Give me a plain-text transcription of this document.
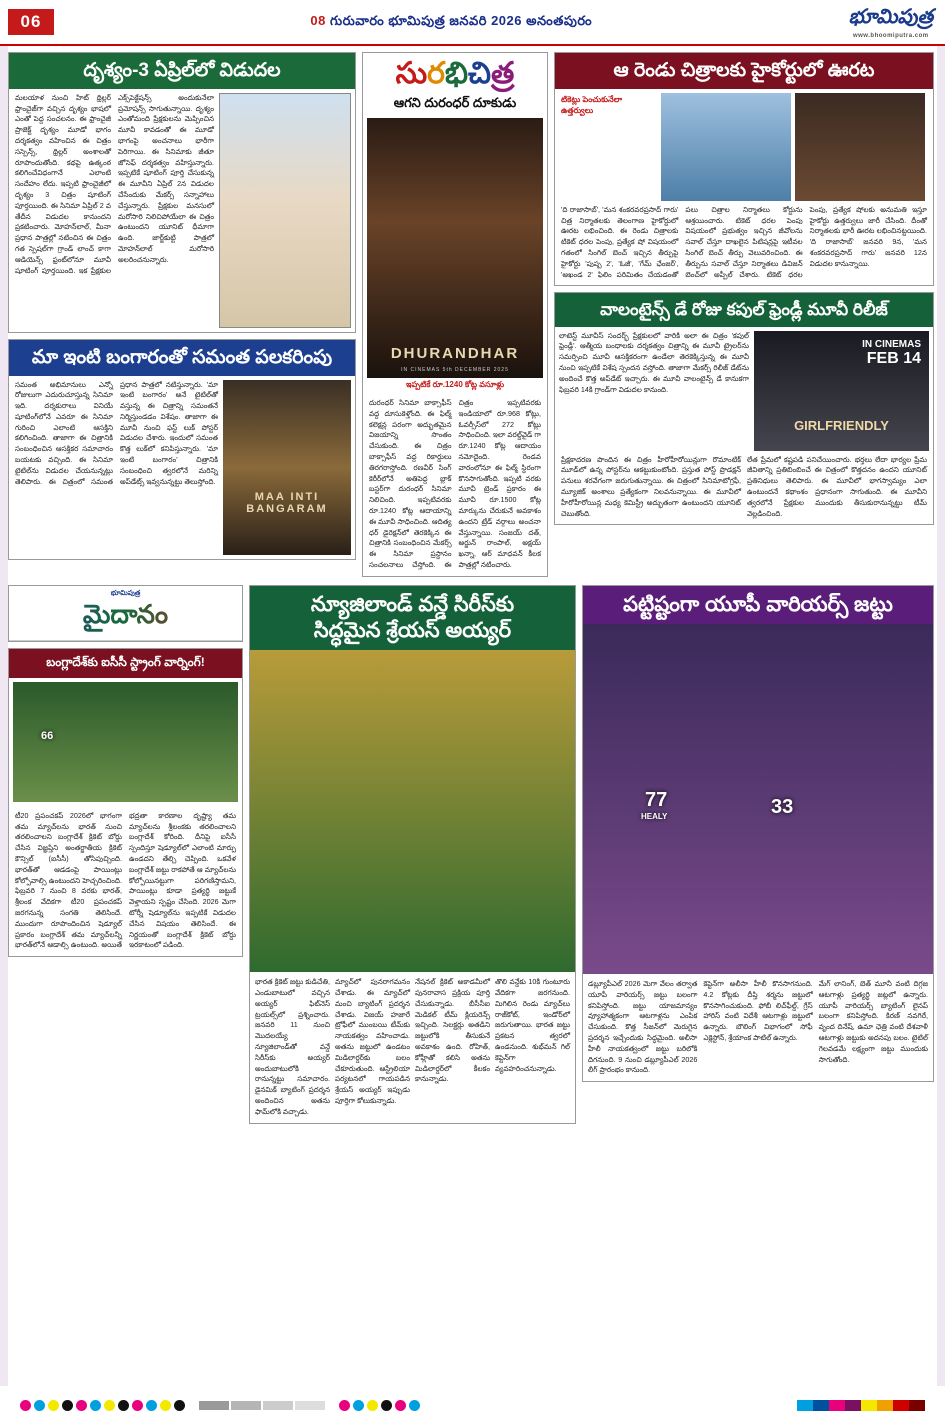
06	08 గురువారం భూమిపుత్ర జనవరి 2026 అనంతపురం	భూమిపుత్ర
www.bhoomiputra.com
దృశ్యం-3 ఏప్రిల్‌లో విడుదల
మలయాళ నుంచి హిట్ థ్రిల్లర్ ఫ్రాంచైజ్‌గా వచ్చిన దృశ్యం భాషలో ఎంతో పెద్ద సంచలనం. ఈ ఫ్రాంచైజీ ప్రాజెక్ట్ దృశ్యం మూడో భాగం దర్శకత్వం వహించిన ఈ చిత్రం సస్పెన్స్, థ్రిల్లర్ అంశాలతో రూపొందుతోంది. కథపై ఉత్కంఠ కలిగించేవిధంగానే ఎలాంటి సందేహం లేదు. ఇప్పటి ఫ్రాంచైజీలో దృశ్యం 3 చిత్రం షూటింగ్ పూర్తయింది. ఈ సినిమా ఏప్రిల్ 2 వ తేదీన విడుదల కానుందని ప్రకటించారు. మోహన్‌లాల్, మీనా ప్రధాన పాత్రల్లో నటించిన ఈ చిత్రం గత స్పెషల్‌గా గ్రాండ్ లాంచ్ కాగా ఆడియెన్స్ ఫ్రంట్‌లోనూ మూవీ షూటింగ్ పూర్తయింది. ఇక ప్రేక్షకుల ఎక్స్‌పెక్టేషన్స్ అందుకునేలా ప్రమోషన్స్ సాగుతున్నాయి. దృశ్యం ఎంతోమంది ప్రేక్షకులను మెప్పించిన మూవీ కావడంతో ఈ మూడో భాగంపై అంచనాలు భారీగా పెరిగాయి. ఈ సినిమాకు జీతూ జోసెఫ్ దర్శకత్వం వహిస్తున్నారు. ఇప్పటికే షూటింగ్ పూర్తి చేసుకున్న ఈ మూవీని ఏప్రిల్ 2న విడుదల చేసేందుకు మేకర్స్ సన్నాహాలు చేస్తున్నారు. ప్రేక్షకుల మనసులో మరోసారి నిలిచిపోయేలా ఈ చిత్రం ఉంటుందని యూనిట్ ధీమాగా ఉంది. జార్జ్‌కుట్టి పాత్రలో మోహన్‌లాల్ మరోసారి అలరించనున్నారు.
మా ఇంటి బంగారంతో సమంత పలకరింపు
సమంత అభిమానులు ఎన్నో రోజులుగా ఎదురుచూస్తున్న సినిమా ఇది. దర్శకురాలు వినియే షూటింగ్‌లోనే ఎవరూ ఈ సినిమా గురించి ఎలాంటి ఆసక్తిని కలిగించింది. తాజాగా ఈ చిత్రానికి సంబంధించిన ఆసక్తికర సమాచారం బయటకు వచ్చింది. ఈ సినిమా టైటిల్‌ను విడుదల చేయనున్నట్లు తెలిపారు. ఈ చిత్రంలో సమంత ప్రధాన పాత్రలో నటిస్తున్నారు. 'మా ఇంటి బంగారం' అనే టైటిల్‌తో వస్తున్న ఈ చిత్రాన్ని సమంతనే నిర్మిస్తుండడం విశేషం. తాజాగా ఈ మూవీ నుంచి ఫస్ట్ లుక్ పోస్టర్ విడుదల చేశారు. ఇందులో సమంత కొత్త లుక్‌లో కనిపిస్తున్నారు. 'మా ఇంటి బంగారం' చిత్రానికి సంబంధించి త్వరలోనే మరిన్ని అప్‌డేట్స్ ఇవ్వనున్నట్టు తెలుస్తోంది.
MAA INTI BANGARAM
సురభిచిత్ర
ఆగని దురంధర్ దూకుడు
DHURANDHAR
IN CINEMAS 5th DECEMBER 2025
ఇప్పటికే రూ.1240 కోట్ల వసూళ్లు
దురంధర్ సినిమా బాక్సాఫీస్ వద్ద దూసుకెళ్తోంది. ఈ ఫిల్మ్ కలెక్షన్ల పరంగా అద్భుతమైన విజయాన్ని సొంతం చేసుకుంది. ఈ చిత్రం బాక్సాఫీస్ వద్ద రికార్డులు తిరగరాస్తోంది. రణవీర్ సింగ్ కెరీర్‌లోనే అతిపెద్ద బ్లాక్ బస్టర్‌గా దురంధర్ సినిమా నిలిచింది. ఇప్పటివరకు రూ.1240 కోట్ల ఆదాయాన్ని ఈ మూవీ సాధించింది. ఆదిత్య ధర్ డైరెక్షన్‌లో తెరకెక్కిన ఈ చిత్రానికి సంబంధించిన మేకర్స్ ఈ సినిమా ప్రస్థానం సంచలనాలు చేస్తోంది. ఈ చిత్రం ఇప్పటివరకు ఇండియాలో రూ.968 కోట్లు, ఓవర్సీస్‌లో 272 కోట్లు సాధించింది. ఇలా వరల్డ్‌వైడ్ గా రూ.1240 కోట్ల ఆదాయం నమోదైంది. రెండవ వారంలోనూ ఈ ఫిల్మ్ స్థిరంగా కొనసాగుతోంది. ఇప్పటి వరకు మూవీ ట్రెండ్ ప్రకారం ఈ మూవీ రూ.1500 కోట్ల మార్కును చేరుకునే అవకాశం ఉందని ట్రేడ్ వర్గాలు అంచనా వేస్తున్నాయి. సంజయ్ దత్, అర్జున్ రాంపాల్, అక్షయ్ ఖన్నా, ఆర్ మాధవన్ కీలక పాత్రల్లో నటించారు.
ఆ రెండు చిత్రాలకు హైకోర్టులో ఊరట
టికెట్లు పెంచుకునేలా ఉత్తర్వులు
'ది రాజాసాబ్', 'మన శంకరవరప్రసాద్ గారు' చిత్ర నిర్మాతలకు తెలంగాణ హైకోర్టులో ఊరట లభించింది. ఈ రెండు చిత్రాలకు టికెట్ ధరల పెంపు, ప్రత్యేక షో విషయంలో గతంలో సింగిల్ బెంచ్ ఇచ్చిన తీర్పుపై హైకోర్టు 'పుష్ప 2', 'ఓజీ', 'గేమ్ ఛేంజర్', 'అఖండ 2' ఫిలిం పరిమితం చేయడంతో పలు చిత్రాల నిర్మాతలు కోర్టును ఆశ్రయించారు. టికెట్ ధరల పెంపు విషయంలో ప్రభుత్వం ఇచ్చిన జీవోలను సవాల్ చేస్తూ దాఖలైన పిటిషన్లపై ఇటీవల సింగిల్ బెంచ్ తీర్పు వెలువరించింది. ఈ తీర్పును సవాల్ చేస్తూ నిర్మాతలు డివిజన్ బెంచ్‌లో అప్పీల్ చేశారు. టికెట్ ధరల పెంపు, ప్రత్యేక షోలకు అనుమతి ఇస్తూ హైకోర్టు ఉత్తర్వులు జారీ చేసింది. దీంతో నిర్మాతలకు భారీ ఊరట లభించినట్టయింది. 'ది రాజాసాబ్' జనవరి 9న, 'మన శంకరవరప్రసాద్ గారు' జనవరి 12న విడుదల కానున్నాయి.
వాలంటైన్స్ డే రోజు కపుల్ ఫ్రెండ్లీ మూవీ రిలీజ్
లాటెస్ట్ మూవీస్ సందర్భ్ ప్రేక్షకులలో వారికి అలా ఈ చిత్రం 'కపుల్ ఫ్రెండ్లీ'. ఆత్మీయ బంధాలకు దర్శకత్వం చిత్రాన్ని ఈ మూవీ ట్రైలర్‌ను సమర్పించి మూవీ ఆసక్తికరంగా ఉండేలా తెరకెక్కిస్తున్న ఈ మూవీ నుంచి ఇప్పటికే విశేష స్పందన వస్తోంది. తాజాగా మేకర్స్ రిలీజ్ డేట్‌ను అందించే కొత్త అప్‌డేట్ ఇచ్చారు. ఈ మూవీ వాలంటైన్స్ డే కానుకగా ఫిబ్రవరి 14కి గ్రాండ్‌గా విడుదల కానుంది.
IN CINEMAS
FEB 14
GIRLFRIENDLY
ప్రేక్షకాదరణ పొందిన ఈ చిత్రం హీరోహీరోయిన్లుగా రొమాంటిక్ మూడ్‌లో ఉన్న పోస్టర్‌ను ఆకట్టుకుంటోంది. ప్రస్తుత పోస్ట్ ప్రొడక్షన్ పనులు శరవేగంగా జరుగుతున్నాయి. ఈ చిత్రంలో సినిమాటోగ్రఫీ, మ్యూజిక్ అంశాలు ప్రత్యేకంగా నిలవనున్నాయి. ఈ మూవీలో హీరోహీరోయిన్ల మధ్య కెమిస్ట్రీ అద్భుతంగా ఉంటుందని యూనిట్ చెబుతోంది.
లేత ప్రేమలో కష్టపడి పనిచేయించారు. భర్తలు లేదా భార్యల ప్రేమ జీవితాన్ని ప్రతిబింబించే ఈ చిత్రంలో కొత్తదనం ఉందని యూనిట్ ప్రతినిధులు తెలిపారు. ఈ మూవీలో భాగస్వామ్యం ఎలా ఉంటుందనే కథాంశం ప్రధానంగా సాగుతుంది. ఈ మూవీని త్వరలోనే ప్రేక్షకుల ముందుకు తీసుకురానున్నట్టు టీమ్ వెల్లడించింది.
భూమిపుత్ర
మైదానం
బంగ్లాదేశ్‌కు ఐసీసీ స్ట్రాంగ్ వార్నింగ్!
66
టీ20 ప్రపంచకప్ 2026లో భాగంగా తమ మ్యాచ్‌లను భారత్ నుంచి తరలించాలని బంగ్లాదేశ్ క్రికెట్ బోర్డు చేసిన విజ్ఞప్తిని అంతర్జాతీయ క్రికెట్ కౌన్సిల్ (ఐసీసీ) తోసిపుచ్చింది. భారత్‌తో ఆడడంపై పాయింట్లు కోల్పోవాల్సి ఉంటుందని హెచ్చరించింది. ఫిబ్రవరి 7 నుంచి 8 వరకు భారత్, శ్రీలంక వేదికగా టీ20 ప్రపంచకప్ జరగనున్న సంగతి తెలిసిందే. ముందుగా రూపొందించిన షెడ్యూల్ ప్రకారం బంగ్లాదేశ్ తమ మ్యాచ్‌లన్నీ భారత్‌లోనే ఆడాల్సి ఉంటుంది. అయితే భద్రతా కారణాల దృష్ట్యా తమ మ్యాచ్‌లను శ్రీలంకకు తరలించాలని బంగ్లాదేశ్ కోరింది. దీనిపై ఐసీసీ స్పందిస్తూ షెడ్యూల్‌లో ఎలాంటి మార్పు ఉండదని తేల్చి చెప్పింది. ఒకవేళ బంగ్లాదేశ్ జట్టు రాకపోతే ఆ మ్యాచ్‌లను కోల్పోయినట్టుగా పరిగణిస్తామని, పాయింట్లు కూడా ప్రత్యర్థి జట్టుకే వెళ్తాయని స్పష్టం చేసింది. 2026 మెగా టోర్నీ షెడ్యూల్‌ను ఇప్పటికే విడుదల చేసిన విషయం తెలిసిందే. ఈ నిర్ణయంతో బంగ్లాదేశ్ క్రికెట్ బోర్డు ఇరకాటంలో పడింది.
న్యూజిలాండ్ వన్డే సిరీస్‌కు
సిద్ధమైన శ్రేయస్ అయ్యర్
భారత క్రికెట్ జట్టు కుడిచేతి, ఎండుబాటులో వచ్చిన అయ్యర్ ఫిట్‌నెస్ ట్రయల్స్‌లో ప్రశ్నించారు. జనవరి 11 నుంచి మొదలయ్యే న్యూజిలాండ్‌తో వన్డే సిరీస్‌కు అయ్యర్ అందుబాటులోకి రానున్నట్టు సమాచారం. డైనమిక్ బ్యాటింగ్ ప్రదర్శన అందించిన అతను ఫామ్‌లోకి వచ్చాడు.
మ్యాచ్‌లో పునరాగమనం చేశాడు. ఈ మ్యాచ్‌లో మంచి బ్యాటింగ్ ప్రదర్శన చేశాడు. విజయ్ హజారే ట్రోఫీలో ముంబయి టీమ్‌కు నాయకత్వం వహించాడు. అతను జట్టులో ఉండటం మిడిలార్డర్‌కు బలం చేకూరుతుంది. ఆస్ట్రేలియా పర్యటనలో గాయపడిన శ్రేయస్ అయ్యర్ ఇప్పుడు పూర్తిగా కోలుకున్నాడు.
నేషనల్ క్రికెట్ అకాడమీలో పునరావాస ప్రక్రియ పూర్తి చేసుకున్నాడు. బీసీసీఐ మెడికల్ టీమ్ క్లియరెన్స్ ఇచ్చింది. సెలక్టర్లు అతడిని జట్టులోకి తీసుకునే అవకాశం ఉంది. రోహిత్, కోహ్లీతో కలిసి అతను మిడిలార్డర్‌లో కీలకం కానున్నాడు.
తొలి వన్డేకు 10కి గుంటూరు వేదికగా జరగనుంది. మిగిలిన రెండు మ్యాచ్‌లు రాజ్‌కోట్, ఇండోర్‌లో జరుగుతాయి. భారత జట్టు ప్రకటన త్వరలో ఉండనుంది. శుభ్‌మన్ గిల్ కెప్టెన్‌గా వ్యవహరించనున్నాడు.
పట్టిష్టంగా యూపీ వారియర్స్ జట్టు
77
HEALY	33
డబ్ల్యూపీఎల్ 2026 మెగా వేలం తర్వాత యూపీ వారియర్స్ జట్టు బలంగా కనిపిస్తోంది. జట్టు యాజమాన్యం వ్యూహాత్మకంగా ఆటగాళ్లను ఎంపిక చేసుకుంది. కొత్త సీజన్‌లో మెరుగైన ప్రదర్శన ఇచ్చేందుకు సిద్ధమైంది. అలీసా హీలీ నాయకత్వంలో జట్టు బరిలోకి దిగనుంది. 9 నుంచి డబ్ల్యూపీఎల్ 2026 లీగ్ ప్రారంభం కానుంది.
కెప్టెన్‌గా అలీసా హీలీ కొనసాగనుంది. 4.2 కోట్లకు దీప్తి శర్మను జట్టులో కొనసాగించుకుంది. ఫోబీ లిచ్‌ఫీల్డ్, గ్రేస్ హారిస్ వంటి విదేశీ ఆటగాళ్లు జట్టులో ఉన్నారు. బౌలింగ్ విభాగంలో సోఫీ ఎక్లెస్టోన్, శ్రేయాంక పాటిల్ ఉన్నారు.
మేగ్ లానింగ్, బెత్ మూనీ వంటి దిగ్గజ ఆటగాళ్లు ప్రత్యర్థి జట్లలో ఉన్నారు. యూపీ వారియర్స్ బ్యాటింగ్ లైనప్ బలంగా కనిపిస్తోంది. కిరణ్ నవగిరే, వృంద దినేష్, ఉమా ఛెత్రి వంటి దేశవాళీ ఆటగాళ్లు జట్టుకు అదనపు బలం. టైటిల్ గెలవడమే లక్ష్యంగా జట్టు ముందుకు సాగుతోంది.
